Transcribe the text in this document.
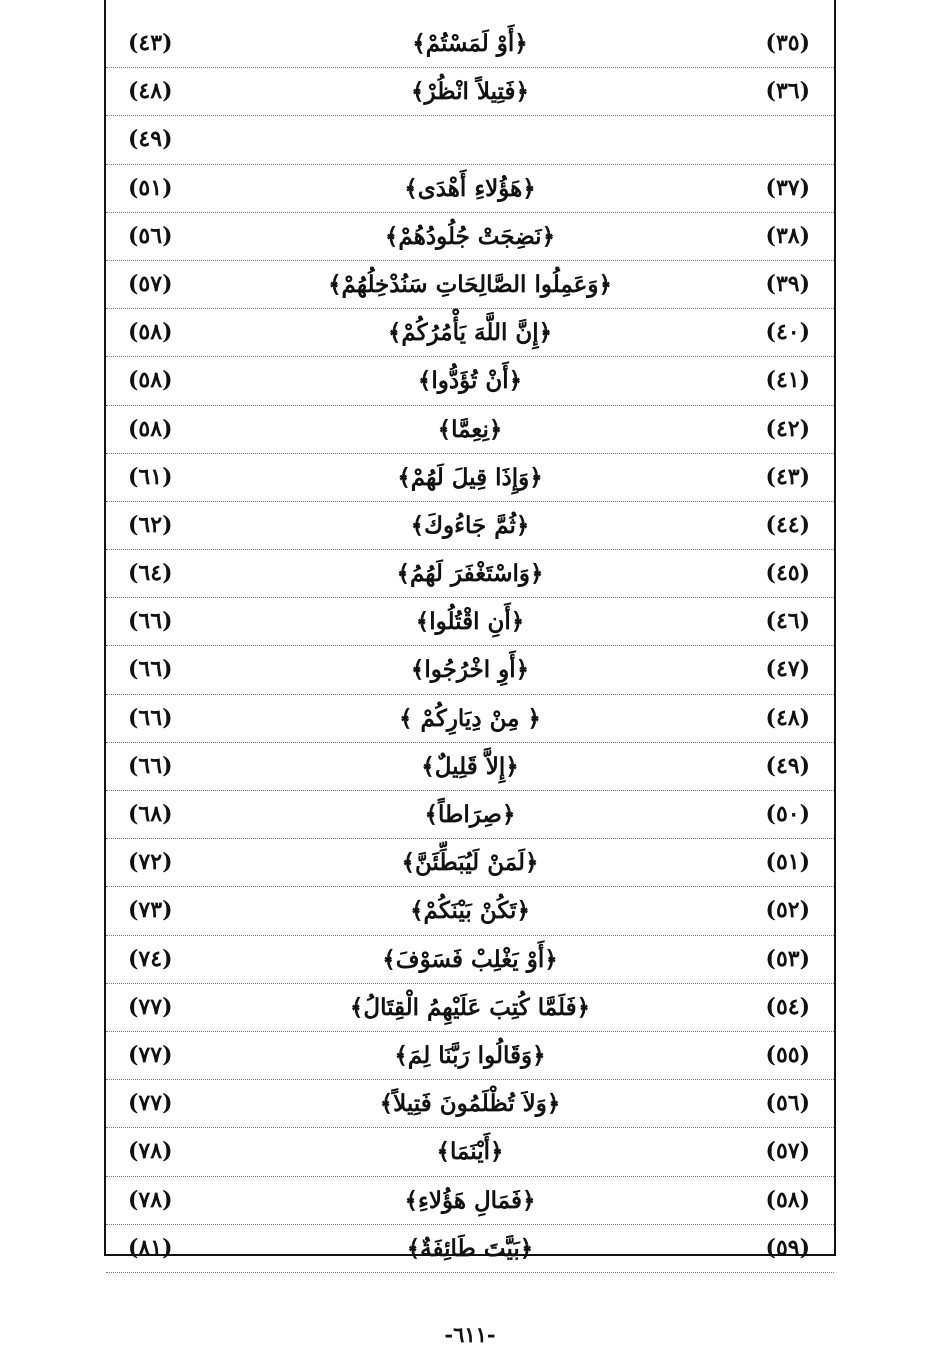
(٤٣)	﴿أَوْ لَمَسْتُمْ﴾	(٣٥)
(٤٨)	﴿فَتِيلاً انْظُرْ﴾	(٣٦)
(٤٩)
(٥١)	﴿هَؤُلاءِ أَهْدَى﴾	(٣٧)
(٥٦)	﴿نَضِجَتْ جُلُودُهُمْ﴾	(٣٨)
(٥٧)	﴿وَعَمِلُوا الصَّالِحَاتِ سَنُدْخِلُهُمْ﴾	(٣٩)
(٥٨)	﴿إِنَّ اللَّهَ يَأْمُرُكُمْ﴾	(٤٠)
(٥٨)	﴿أَنْ تُؤَدُّوا﴾	(٤١)
(٥٨)	﴿نِعِمَّا﴾	(٤٢)
(٦١)	﴿وَإِذَا قِيلَ لَهُمْ﴾	(٤٣)
(٦٢)	﴿ثُمَّ جَاءُوكَ﴾	(٤٤)
(٦٤)	﴿وَاسْتَغْفَرَ لَهُمُ﴾	(٤٥)
(٦٦)	﴿أَنِ اقْتُلُوا﴾	(٤٦)
(٦٦)	﴿أَوِ اخْرُجُوا﴾	(٤٧)
(٦٦)	﴿ مِنْ دِيَارِكُمْ ﴾	(٤٨)
(٦٦)	﴿إِلاَّ قَلِيلٌ﴾	(٤٩)
(٦٨)	﴿صِرَاطاً﴾	(٥٠)
(٧٢)	﴿لَمَنْ لَيُبَطِّئَنَّ﴾	(٥١)
(٧٣)	﴿تَكُنْ بَيْنَكُمْ﴾	(٥٢)
(٧٤)	﴿أَوْ يَغْلِبْ فَسَوْفَ﴾	(٥٣)
(٧٧)	﴿فَلَمَّا كُتِبَ عَلَيْهِمُ الْقِتَالُ﴾	(٥٤)
(٧٧)	﴿وَقَالُوا رَبَّنَا لِمَ﴾	(٥٥)
(٧٧)	﴿وَلاَ تُظْلَمُونَ فَتِيلاً﴾	(٥٦)
(٧٨)	﴿أَيْنَمَا﴾	(٥٧)
(٧٨)	﴿فَمَالِ هَؤُلاءِ﴾	(٥٨)
(٨١)	﴿بَيَّتَ طَائِفَةٌ﴾	(٥٩)
-٦١١-
